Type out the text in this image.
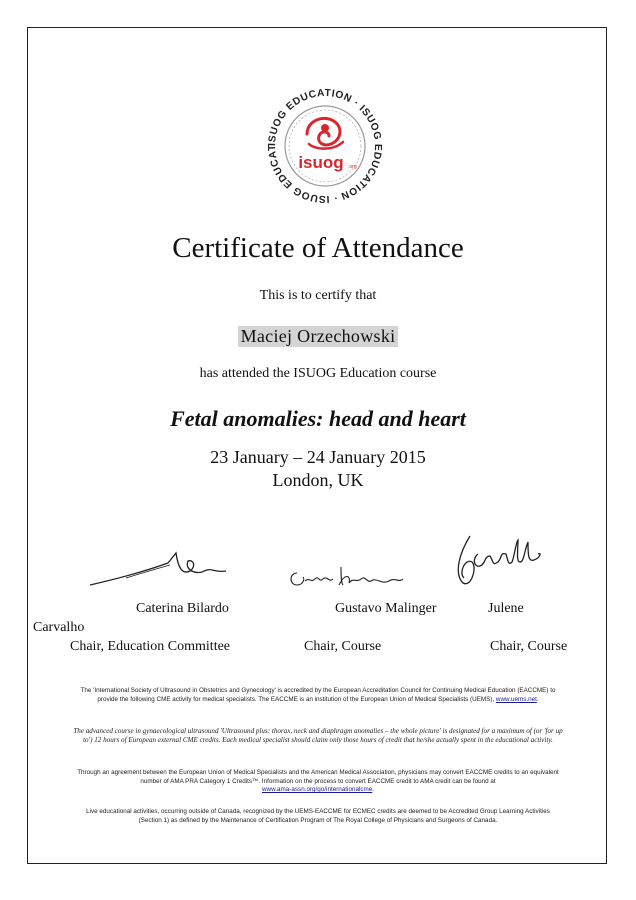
ISUOG EDUCATION · ISUOG EDUCATION · ISUOG EDUCAT
isuog .org
Certificate of Attendance
This is to certify that
Maciej Orzechowski
has attended the ISUOG Education course
Fetal anomalies: head and heart
23 January – 24 January 2015
London, UK
Caterina Bilardo	Gustavo Malinger	Julene
Carvalho
Chair, Education Committee	Chair, Course	Chair, Course
The 'International Society of Ultrasound in Obstetrics and Gynecology' is accredited by the European Accreditation Council for Continuing Medical Education (EACCME) to provide the following CME activity for medical specialists. The EACCME is an institution of the European Union of Medical Specialists (UEMS), www.uems.net.
The advanced course in gynaecological ultrasound 'Ultrasound plus: thorax, neck and diaphragm anomalies – the whole picture' is designated for a maximum of (or 'for up to') 12 hours of European external CME credits. Each medical specialist should claim only those hours of credit that he/she actually spent in the educational activity.
Through an agreement between the European Union of Medical Specialists and the American Medical Association, physicians may convert EACCME credits to an equivalent number of AMA PRA Category 1 Credits™. Information on the process to convert EACCME credit to AMA credit can be found at
www.ama-assn.org/go/internationalcme.
Live educational activities, occurring outside of Canada, recognized by the UEMS-EACCME for ECMEC credits are deemed to be Accredited Group Learning Activities (Section 1) as defined by the Maintenance of Certification Program of The Royal College of Physicians and Surgeons of Canada.
